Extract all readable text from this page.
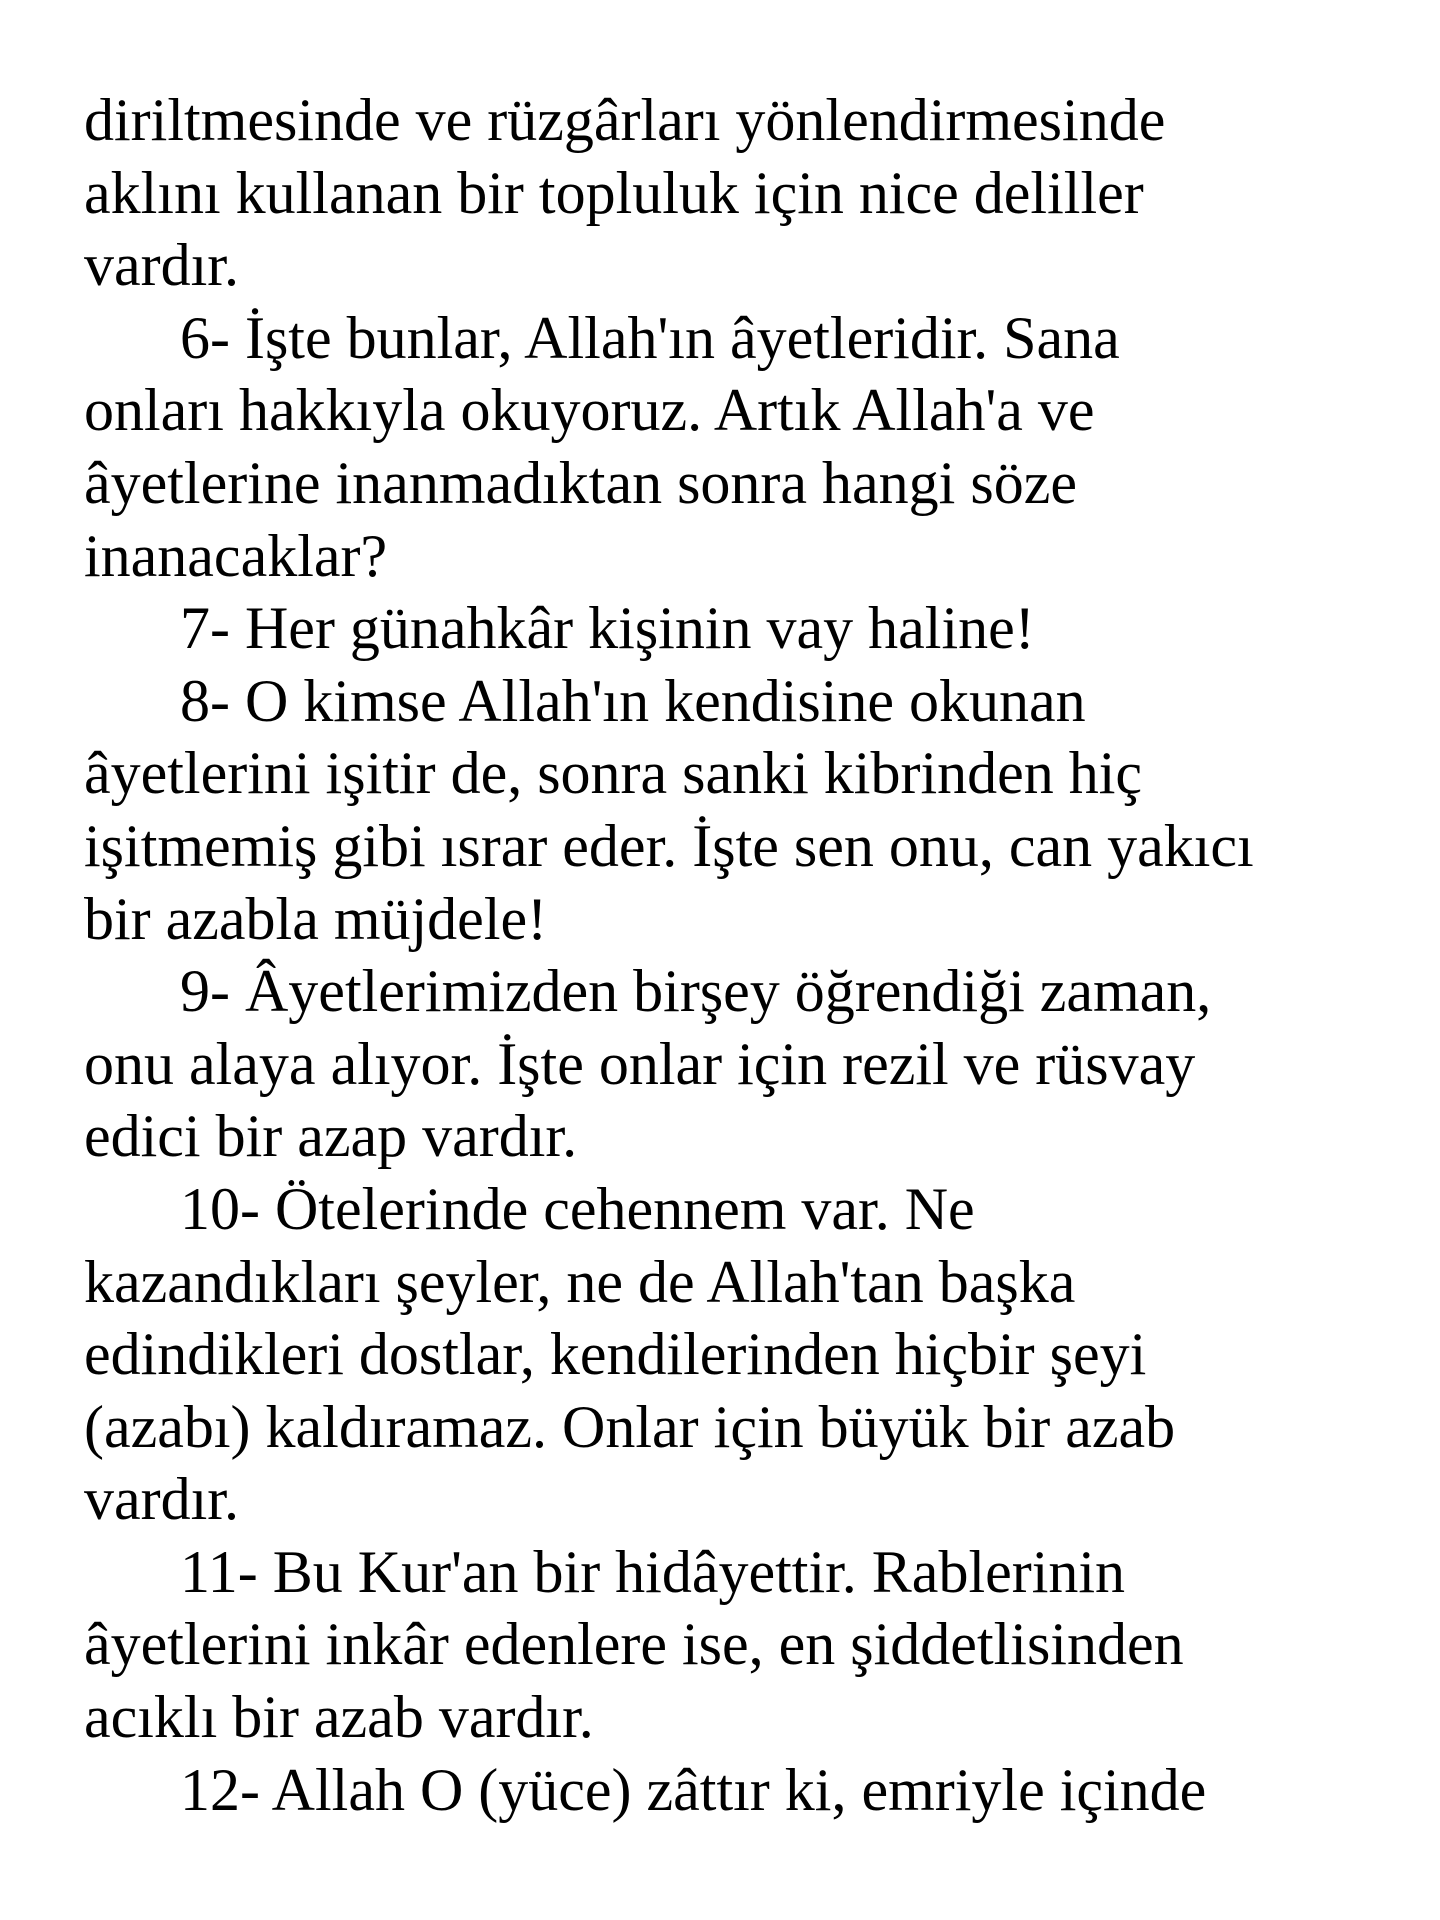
diriltmesinde ve rüzgârları yönlendirmesinde
aklını kullanan bir topluluk için nice deliller
vardır.
6- İşte bunlar, Allah'ın âyetleridir. Sana
onları hakkıyla okuyoruz. Artık Allah'a ve
âyetlerine inanmadıktan sonra hangi söze
inanacaklar?
7- Her günahkâr kişinin vay haline!
8- O kimse Allah'ın kendisine okunan
âyetlerini işitir de, sonra sanki kibrinden hiç
işitmemiş gibi ısrar eder. İşte sen onu, can yakıcı
bir azabla müjdele!
9- Âyetlerimizden birşey öğrendiği zaman,
onu alaya alıyor. İşte onlar için rezil ve rüsvay
edici bir azap vardır.
10- Ötelerinde cehennem var. Ne
kazandıkları şeyler, ne de Allah'tan başka
edindikleri dostlar, kendilerinden hiçbir şeyi
(azabı) kaldıramaz. Onlar için büyük bir azab
vardır.
11- Bu Kur'an bir hidâyettir. Rablerinin
âyetlerini inkâr edenlere ise, en şiddetlisinden
acıklı bir azab vardır.
12- Allah O (yüce) zâttır ki, emriyle içinde
